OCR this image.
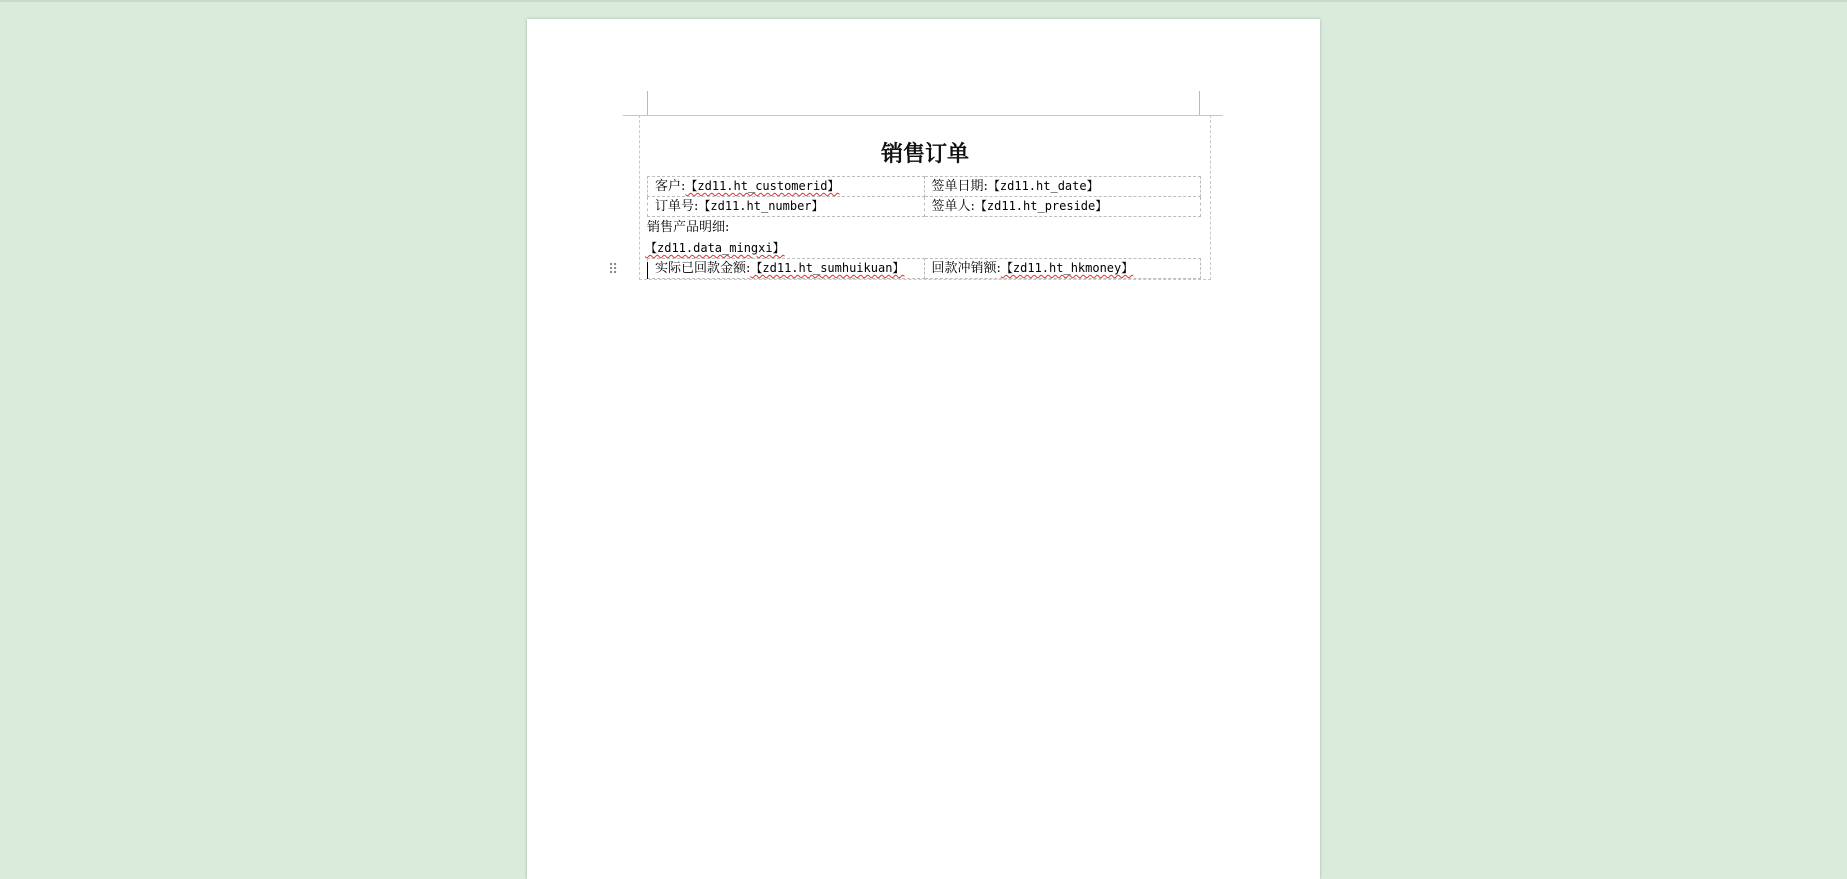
销售订单
客户:【zd11.ht_customerid】	签单日期:【zd11.ht_date】
订单号:【zd11.ht_number】	签单人:【zd11.ht_preside】
销售产品明细:
【zd11.data_mingxi】
实际已回款金额:【zd11.ht_sumhuikuan】	回款冲销额:【zd11.ht_hkmoney】
⠿
